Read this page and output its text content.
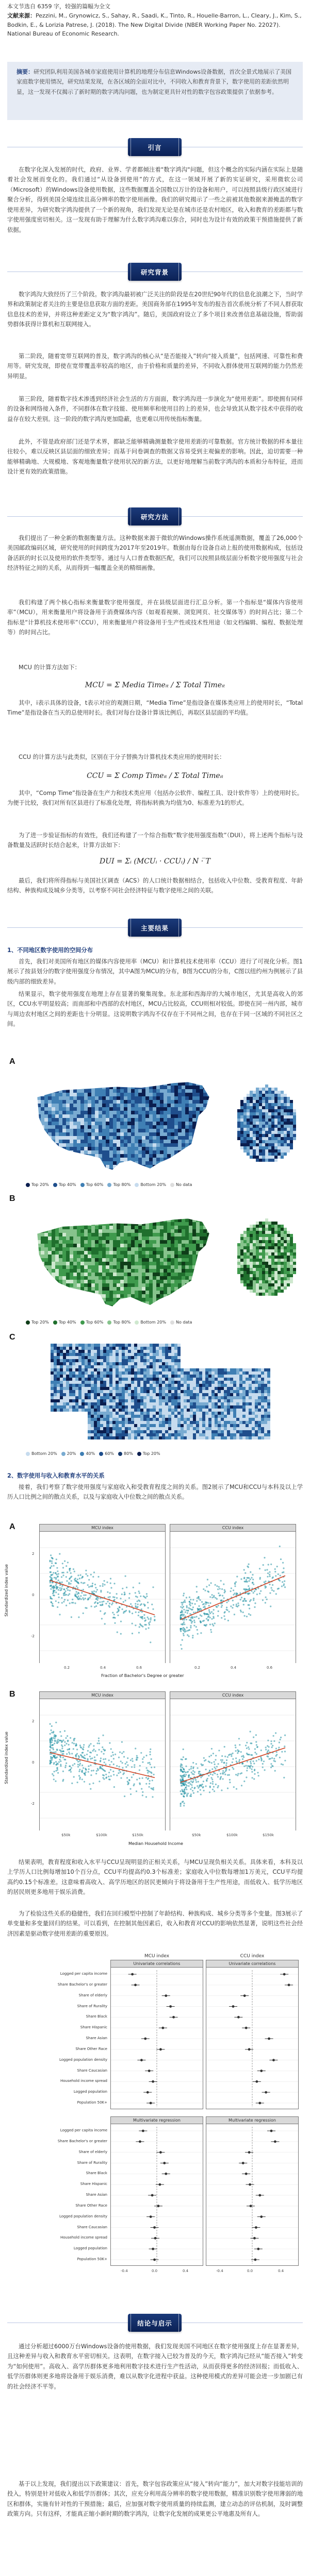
本文节选自 6359 字，较强的篇幅为全文
文献来源：Pezzini, M., Grynowicz, S., Sahay, R., Saadi, K., Tinto, R., Houelle-Barron, L., Cleary, J., Kim, S., Bodkin, E., & Lorizia Patrese, J. (2018). The New Digital Divide (NBER Working Paper No. 22027). National Bureau of Economic Research.
摘要：研究团队利用美国各城市家庭使用计算机的地理分布信息Windows设备数据，首次全景式地展示了美国家庭数字使用情况，研究结果发现，在各区域的全面对比中，不同收入和教育背景下，数字使用的差距依然明显，这一发现不仅揭示了新时期的数字鸿沟问题，也为制定更具针对性的数字包容政策提供了依据参考。
引言
在数字化深入发展的时代，政府、业界、学者都倾注着"数字鸿沟"问题，但这个概念的实际内涵在实际上是随着社会发展而变化的。我们通过“从设备到使用”的方式，在这一领域开展了新的实证研究，采用微软公司（Microsoft）的Windows设备使用数据，这些数据覆盖全国数以万计的设备和用户，可以按照县级行政区域进行聚合分析，得到美国全境连续且高分辨率的数字使用画像。我们的研究揭示了一些之前被其他数据来源掩盖的数字使用差异，为研究数字鸿沟提供了一个新的视角，我们发现无论是在城市还是农村地区，收入和教育的差距都与数字使用强度密切相关。这一发现有助于理解为什么数字鸿沟难以弥合，同时也为设计有效的政策干预措施提供了新依据。
研究背景
数字鸿沟大致经历了三个阶段。数字鸿沟最初被广泛关注的阶段是在20世纪90年代的信息化浪潮之下，当时学界和政策制定者关注的主要是信息获取方面的差距。美国商务部在1995年发布的报告首次系统分析了不同人群获取信息技术的差异，并将这种差距定义为“数字鸿沟”。随后，美国政府设立了多个项目来改善信息基础设施，帮助弱势群体获得计算机和互联网接入。
第二阶段，随着宽带互联网的普及，数字鸿沟的核心从“是否能接入”转向“接入质量”，包括网速、可靠性和费用等。研究发现，即使在宽带覆盖率较高的地区，由于价格和质量的差异，不同收入群体使用互联网的能力仍然差异明显。
第三阶段，随着数字技术渗透到经济社会生活的方方面面，数字鸿沟进一步演化为“使用差距”。即使拥有同样的设备和网络接入条件，不同群体在数字技能、使用频率和使用目的上的差异，也会导致其从数字技术中获得的收益存在较大差别。这一阶段的数字鸿沟更加隐蔽，也更难以用传统指标衡量。
此外，不管是政府部门还是学术界，都缺乏能够精确测量数字使用差距的可靠数据。官方统计数据的样本量往往较小，难以反映区县层面的细致差异；而基于问卷调查的数据又容易受到主观偏差的影响。因此，迫切需要一种能够精确地、大规模地、客观地衡量数字使用状况的新方法，以更好地理解当前数字鸿沟的本质和分布特征，进而设计更有效的政策措施。
研究方法
我们提出了一种全新的数据衡量方法。这种数据来源于微软的Windows操作系统遥测数据，覆盖了26,000个美国邮政编码区域，研究使用的时间跨度为2017年至2019年。数据由每台设备自动上报的使用数据构成，包括设备活跃的时长以及使用的软件类型等。通过与人口普查数据匹配，我们可以按照县级层面分析数字使用强度与社会经济特征之间的关系，从而得到一幅覆盖全美的精细画像。
我们构建了两个核心指标来衡量数字使用强度，并在县级层面进行汇总分析。第一个指标是“媒体内容使用率”（MCU），用来衡量用户将设备用于消费媒体内容（如观看视频、浏览网页、社交媒体等）的时间占比；第二个指标是“计算机技术使用率”（CCU），用来衡量用户将设备用于生产性或技术性用途（如文档编辑、编程、数据处理等）的时间占比。
MCU 的计算方法如下：
MCU = Σ Media Timeᵢₜ / Σ Total Timeᵢₜ
其中，i表示具体的设备，t表示对应的观测日期，“Media Time”是指设备在媒体类应用上的使用时长，“Total Time”是指设备在当天的总使用时长。我们对每台设备计算该比例后，再取区县层面的平均值。
CCU 的计算方法与此类似，区别在于分子替换为计算机技术类应用的使用时长：
CCU = Σ Comp Timeᵢₜ / Σ Total Timeᵢₜ
其中，“Comp Time”指设备在生产力和技术类应用（包括办公软件、编程工具、设计软件等）上的使用时长。为便于比较，我们对所有区县进行了标准化处理，将指标转换为均值为0、标准差为1的形式。
为了进一步验证指标的有效性，我们还构建了一个综合指数“数字使用强度指数”（DUI），将上述两个指标与设备数量及活跃时长结合起来，计算方法如下：
DUI = Σᵢ (MCUᵢ · CCUᵢ) / N · ̅T
最后，我们将所得指标与美国社区调查（ACS）的人口统计数据相结合，包括收入中位数、受教育程度、年龄结构、种族构成及城乡分类等，以考察不同社会经济特征与数字使用之间的关联。
主要结果
1、不同地区数字使用的空间分布
首先，我们对美国所有地区的媒体内容使用率（MCU）和计算机技术使用率（CCU）进行了可视化分析。图1展示了按县划分的数字使用强度分布情况，其中A图为MCU的分布，B图为CCU的分布，C图以纽约州为例展示了县级内部的细致差异。
结果显示，数字使用强度在地理上存在显著的聚集现象。东北部和西海岸的大城市地区，尤其是高收入的郊区，CCU水平明显较高；而南部和中西部的农村地区，MCU占比较高，CCU则相对较低。即使在同一州内部，城市与周边农村地区之间的差距也十分明显。这说明数字鸿沟不仅存在于不同州之间，也存在于同一区域的不同社区之间。
A
B
C
Top 20% Top 40% Top 60% Top 80% Bottom 20% No data
Top 20% Top 40% Top 60% Top 80% Bottom 20% No data
Bottom 20% 20% 40% 60% 80% Top 20%
2、数字使用与收入和教育水平的关系
接着，我们考察了数字使用强度与家庭收入和受教育程度之间的关系。图2展示了MCU和CCU与本科及以上学历人口比例之间的散点关系，以及与家庭收入中位数之间的散点关系。
A
B
MCU index	CCU index
Fraction of Bachelor's Degree or greater
Standardized index value
2
0
-2
0.2	0.4	0.6	0.2	0.4	0.6
MCU index	CCU index
Median Household Income
Standardized index value
2
0
-2
$50k	$100k	$150k	$50k	$100k	$150k
结果表明，教育程度和收入水平与CCU呈现明显的正相关关系，与MCU呈现负相关关系。具体来看，本科及以上学历人口比例每增加10个百分点，CCU平均提高约0.3个标准差；家庭收入中位数每增加1万美元，CCU平均提高约0.15个标准差。这意味着高收入、高学历地区的居民更倾向于将设备用于生产性用途，而低收入、低学历地区的居民则更多地用于娱乐消费。
为了检验这些关系的稳健性，我们在回归模型中控制了年龄结构、种族构成、城乡分类等多个变量。图3展示了单变量和多变量回归的结果。可以看到，在控制其他因素后，收入和教育对CCU的影响依然显著，说明这些社会经济因素是驱动数字使用差距的重要原因。
MCU index	CCU index
Univariate correlations	Univariate correlations
Multivariate regression	Multivariate regression
Logged per capita income
Share Bachelor's or greater
Share of elderly
Share of Rurality
Share Black
Share Hispanic
Share Asian
Share Other Race
Logged population density
Share Caucasian
Household income spread
Logged population
Population 50K+
Logged per capita income
Share Bachelor's or greater
Share of elderly
Share of Rurality
Share Black
Share Hispanic
Share Asian
Share Other Race
Logged population density
Share Caucasian
Household income spread
Logged population
Population 50K+
-0.4	0.0	0.4	-0.4	0.0	0.4
结论与启示
通过分析超过6000万台Windows设备的使用数据，我们发现美国不同地区在数字使用强度上存在显著差异，且这种差异与收入和教育水平密切相关。这表明，在数字接入已较为普及的今天，数字鸿沟已经从“能否接入”转变为“如何使用”。高收入、高学历群体更多地利用数字技术进行生产性活动，从而获得更多的经济回报；而低收入、低学历群体则更多地将设备用于娱乐消费，难以从数字化进程中获益。这种使用模式的差异可能会进一步加剧已有的社会经济不平等。
基于以上发现，我们提出以下政策建议：首先，数字包容政策应从“接入”转向“能力”，加大对数字技能培训的投入，特别是针对低收入和低学历群体；其次，应充分利用高分辨率的数字使用数据，精准识别数字使用薄弱的地区和群体，实施有针对性的干预措施；最后，应加强对数字使用质量的持续监测，建立动态的评估机制，及时调整政策方向。只有这样，才能真正缩小新时期的数字鸿沟，让数字化发展的成果更公平地惠及所有人。
